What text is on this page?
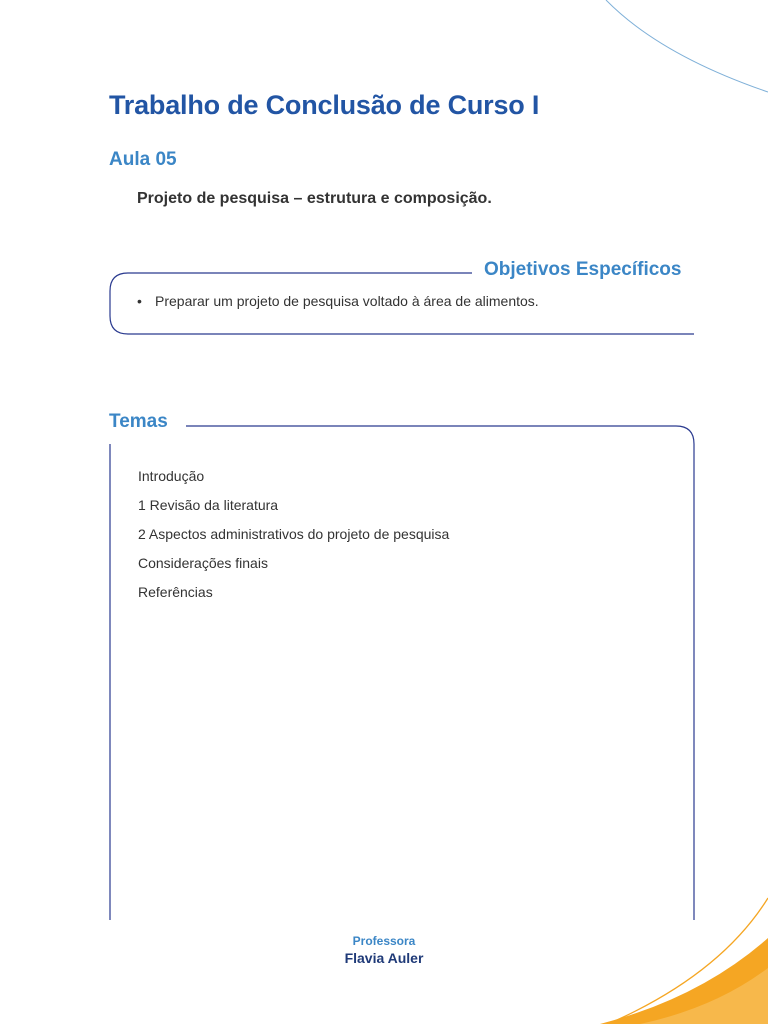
Trabalho de Conclusão de Curso I
Aula 05

Projeto de pesquisa – estrutura e composição.

Objetivos Específicos
• Preparar um projeto de pesquisa voltado à área de alimentos.
Temas
Introdução
1 Revisão da literatura
2 Aspectos administrativos do projeto de pesquisa
Considerações finais
Referências
Professora
Flavia Auler
